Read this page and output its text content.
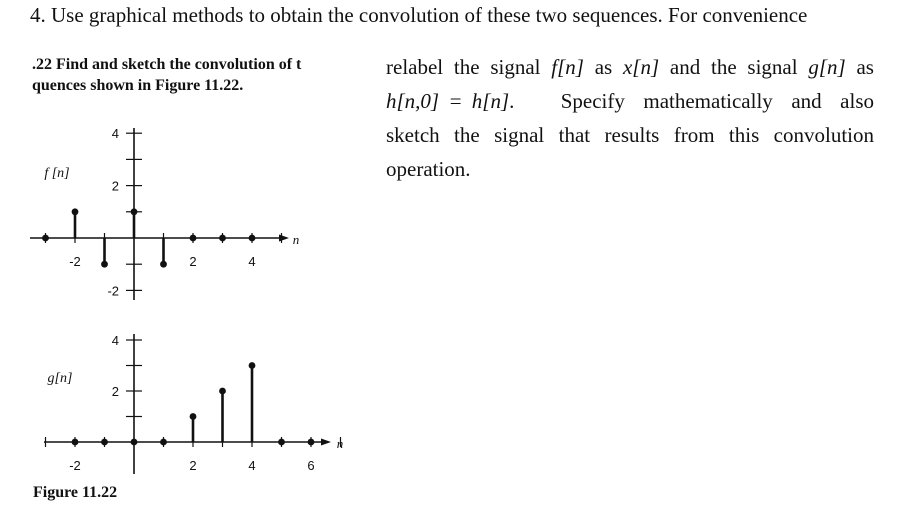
4. Use graphical methods to obtain the convolution of these two sequences. For convenience
.22 Find and sketch the convolution of t
quences shown in Figure 11.22.
relabel the signal f[n] as x[n] and the signal g[n] as
h[n,0] = h[n].     Specify  mathematically  and  also
sketch the signal that results from this convolution
operation.
4
2
-2
-2	2	4
f [n]
n
4
2
-2	2	4	6
g[n]
n
Figure 11.22
